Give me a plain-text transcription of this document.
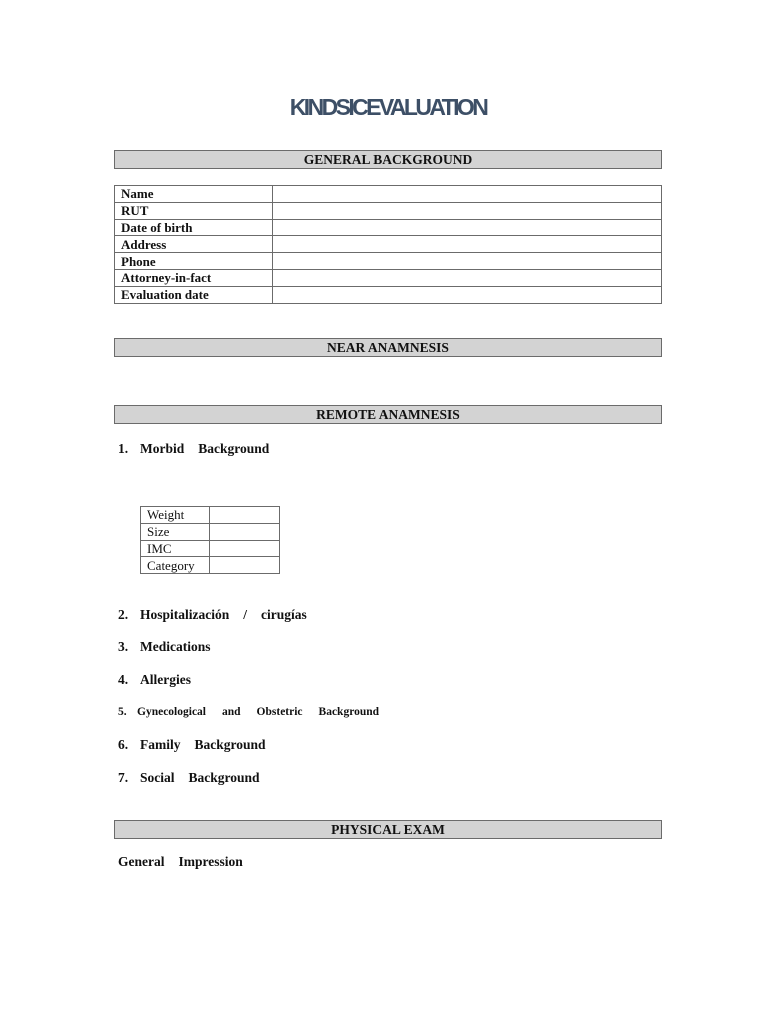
KINDSICEVALUATION
GENERAL BACKGROUND
Name	
RUT	
Date of birth	
Address	
Phone	
Attorney-in-fact	
Evaluation date	
NEAR ANAMNESIS
REMOTE ANAMNESIS
1. Morbid Background
Weight	
Size	
IMC	
Category	
2. Hospitalización / cirugías
3. Medications
4. Allergies
5. Gynecological and Obstetric Background
6. Family Background
7. Social Background
PHYSICAL EXAM
General Impression
